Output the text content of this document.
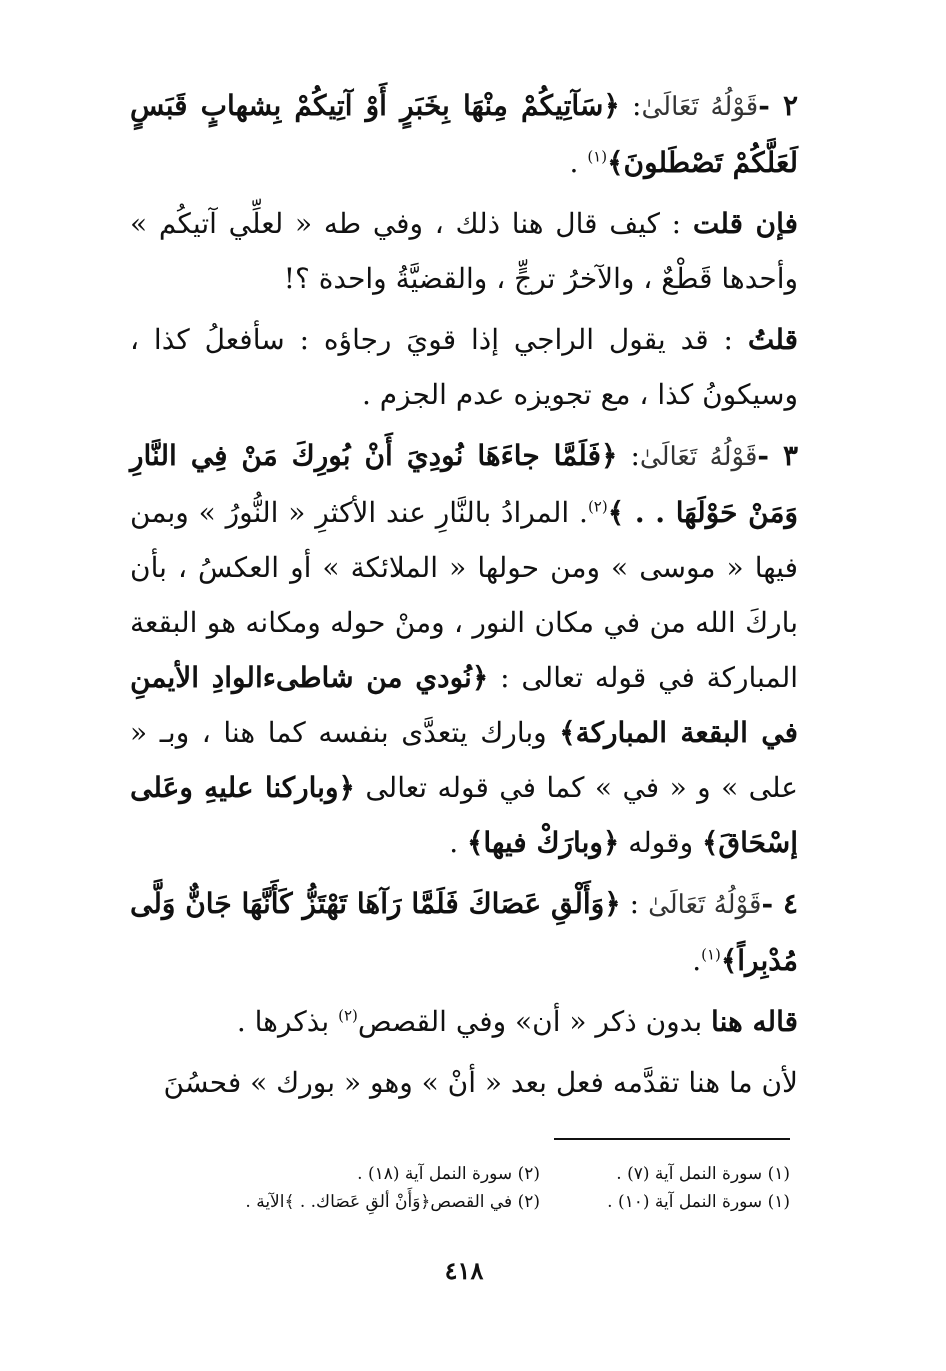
٢ -قَوْلُهُ تَعَالَىٰ: ﴿سَآتِيكُمْ مِنْهَا بِخَبَرٍ أَوْ آتِيكُمْ بِشهابٍ قَبَسٍ لَعَلَّكُمْ تَصْطَلونَ﴾$^{(١)}$ .

فإن قلت : كيف قال هنا ذلك ، وفي طه « لعلِّي آتيكُم » وأحدها قَطْعٌ ، والآخرُ ترجٍّ ، والقضيَّةُ واحدة ؟!

قلتُ : قد يقول الراجي إذا قويَ رجاؤه : سأفعلُ كذا ، وسيكونُ كذا ، مع تجويزه عدم الجزم .

٣ -قَوْلُهُ تَعَالَىٰ: ﴿فَلَمَّا جاءَهَا نُودِيَ أَنْ بُورِكَ مَنْ فِي النَّارِ وَمَنْ حَوْلَهَا . . ﴾$^{(٢)}$. المرادُ بالنَّارِ عند الأكثرِ « النُّورُ » وبمن فيها « موسى » ومن حولها « الملائكة » أو العكسُ ، بأن باركَ الله من في مكان النور ، ومنْ حوله ومكانه هو البقعة المباركة في قوله تعالى : ﴿نُودي من شاطىءالوادِ الأيمنِ في البقعة المباركة﴾ وبارك يتعدَّى بنفسه كما هنا ، وبـ « على » و « في » كما في قوله تعالى ﴿وباركنا عليهِ وعَلى إسْحَاقَ﴾ وقوله ﴿وبارَكْ فيها﴾ .

٤ -قَوْلُهُ تَعَالَىٰ : ﴿وَأَلْقِ عَصَاكَ فَلَمَّا رَآهَا تَهْتَزُّ كَأَنَّهَا جَانٌّ وَلَّى مُدْبِراً﴾$^{(١)}$.

قاله هنا بدون ذكر « أن» وفي القصص$^{(٢)}$ بذكرها .

لأن ما هنا تقدَّمه فعل بعد « أنْ » وهو « بورك » فحسُنَ

(١) سورة النمل آية (٧) .
(٢) سورة النمل آية (١٨) .
(١) سورة النمل آية (١٠) .
(٢) في القصص﴿وَأَنْ ألقِ عَصَاك. . ﴾الآية .
٤١٨
